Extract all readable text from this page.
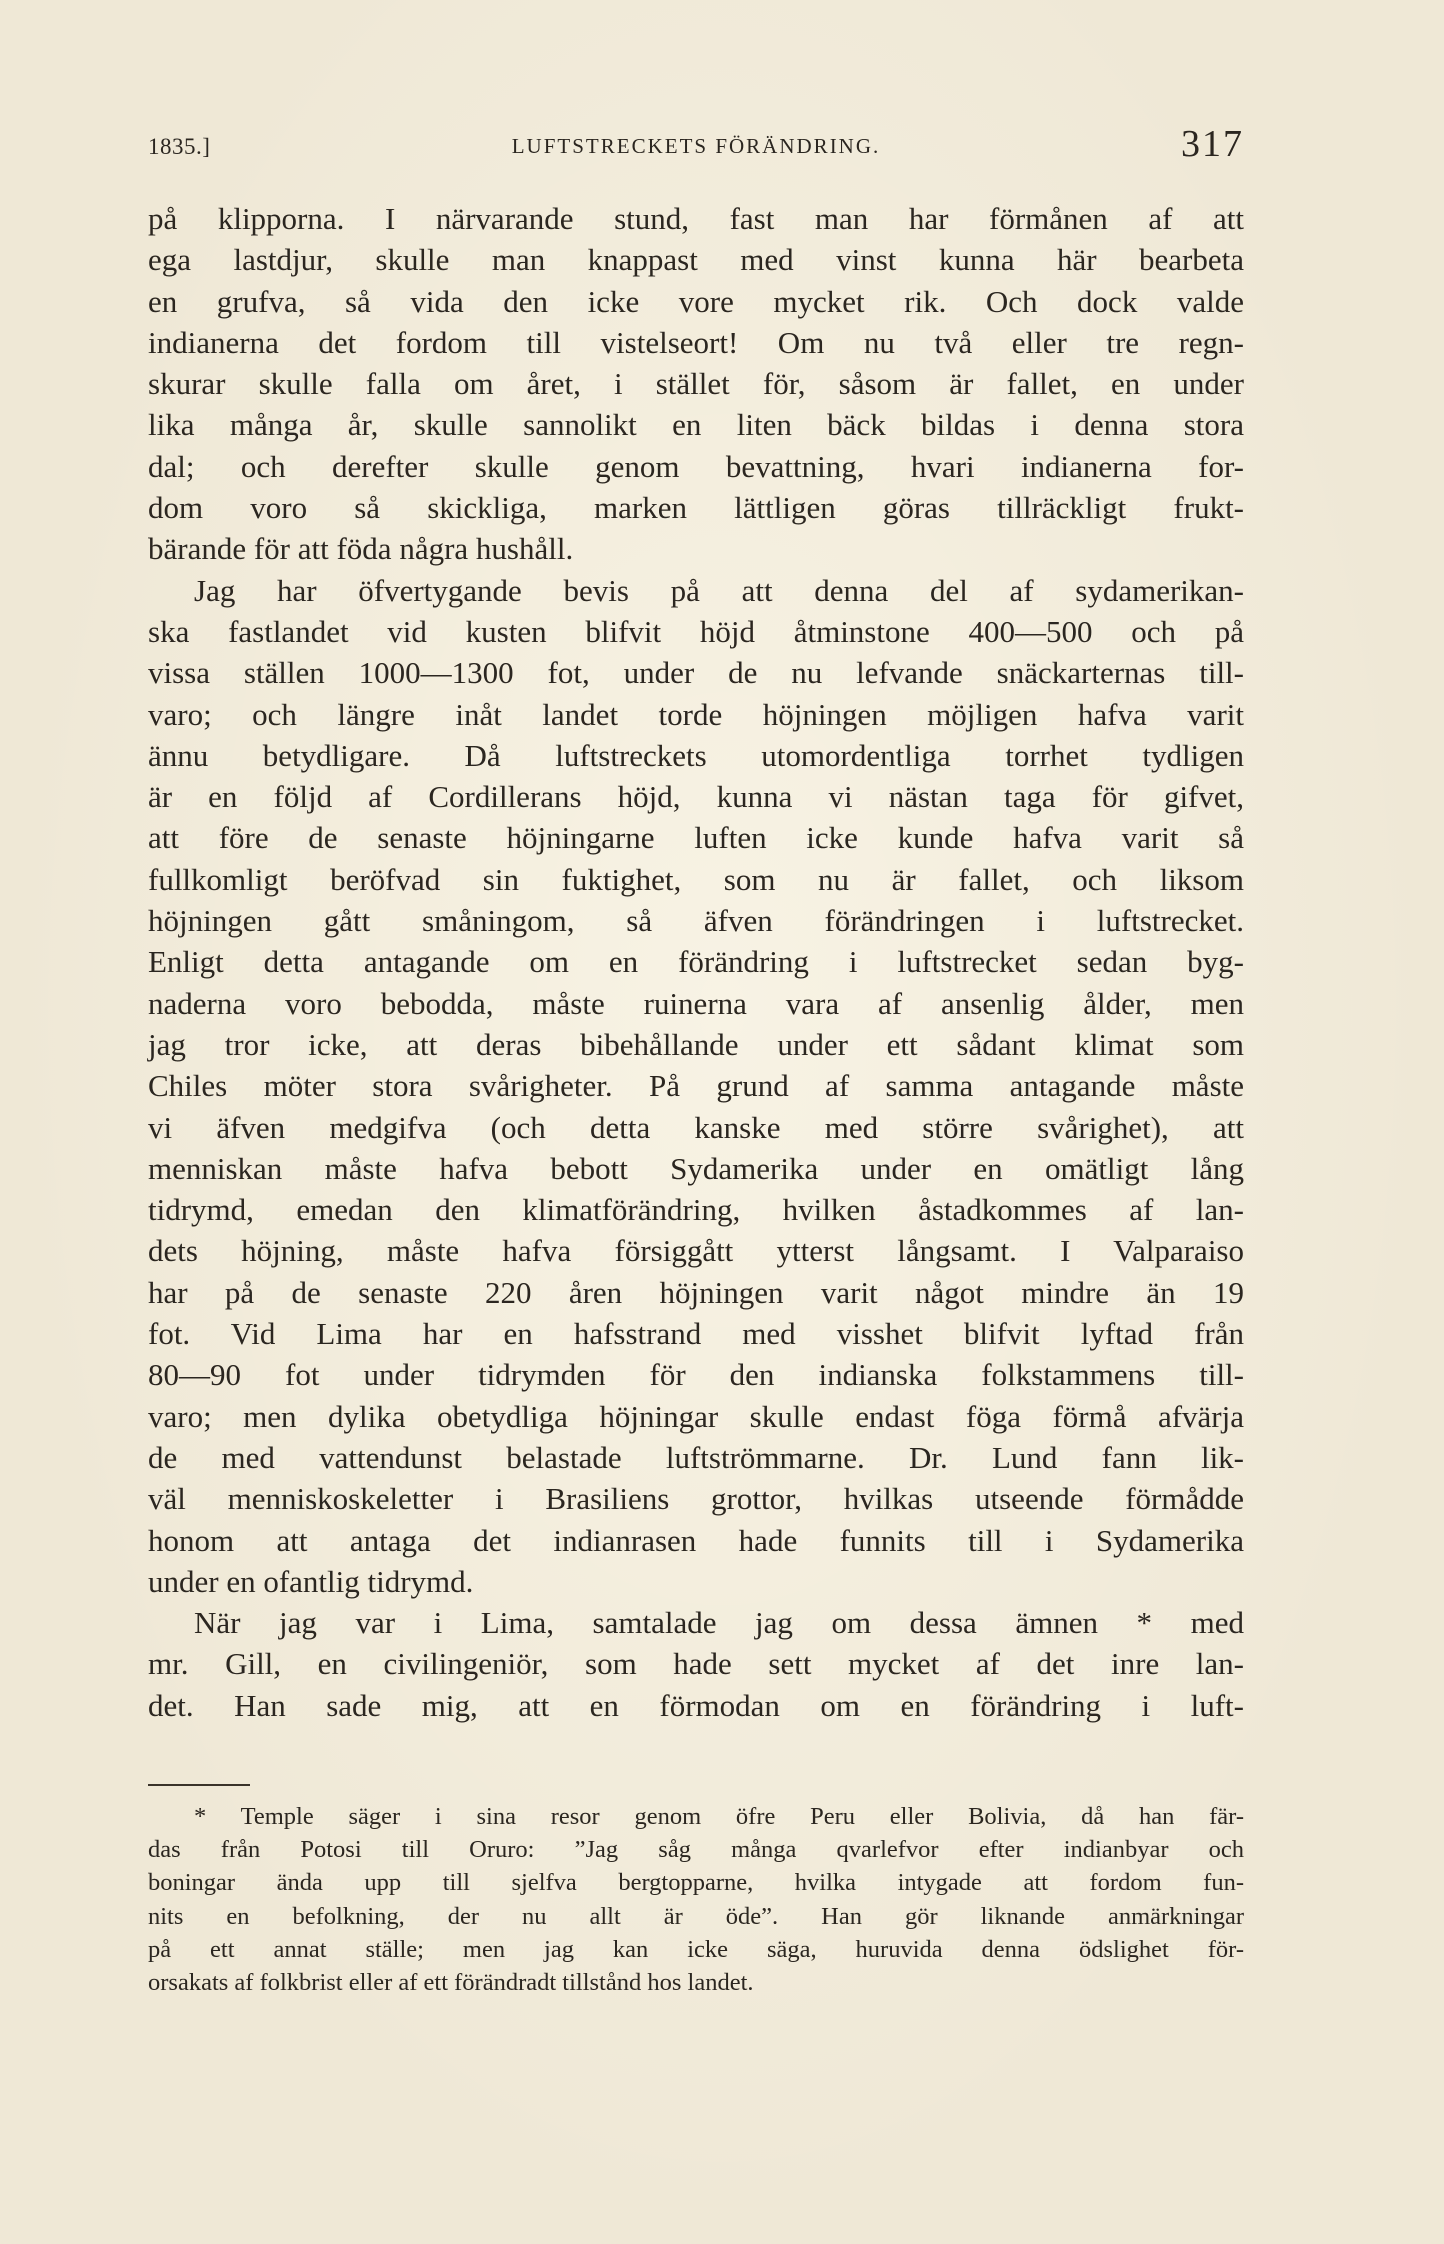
1835.]	LUFTSTRECKETS FÖRÄNDRING.	317
på klipporna. I närvarande stund, fast man har förmånen af att
ega lastdjur, skulle man knappast med vinst kunna här bearbeta
en grufva, så vida den icke vore mycket rik. Och dock valde
indianerna det fordom till vistelseort! Om nu två eller tre regn-
skurar skulle falla om året, i stället för, såsom är fallet, en under
lika många år, skulle sannolikt en liten bäck bildas i denna stora
dal; och derefter skulle genom bevattning, hvari indianerna for-
dom voro så skickliga, marken lättligen göras tillräckligt frukt-
bärande för att föda några hushåll.
Jag har öfvertygande bevis på att denna del af sydamerikan-
ska fastlandet vid kusten blifvit höjd åtminstone 400—500 och på
vissa ställen 1000—1300 fot, under de nu lefvande snäckarternas till-
varo; och längre inåt landet torde höjningen möjligen hafva varit
ännu betydligare. Då luftstreckets utomordentliga torrhet tydligen
är en följd af Cordillerans höjd, kunna vi nästan taga för gifvet,
att före de senaste höjningarne luften icke kunde hafva varit så
fullkomligt beröfvad sin fuktighet, som nu är fallet, och liksom
höjningen gått småningom, så äfven förändringen i luftstrecket.
Enligt detta antagande om en förändring i luftstrecket sedan byg-
naderna voro bebodda, måste ruinerna vara af ansenlig ålder, men
jag tror icke, att deras bibehållande under ett sådant klimat som
Chiles möter stora svårigheter. På grund af samma antagande måste
vi äfven medgifva (och detta kanske med större svårighet), att
menniskan måste hafva bebott Sydamerika under en omätligt lång
tidrymd, emedan den klimatförändring, hvilken åstadkommes af lan-
dets höjning, måste hafva försiggått ytterst långsamt. I Valparaiso
har på de senaste 220 åren höjningen varit något mindre än 19
fot. Vid Lima har en hafsstrand med visshet blifvit lyftad från
80—90 fot under tidrymden för den indianska folkstammens till-
varo; men dylika obetydliga höjningar skulle endast föga förmå afvärja
de med vattendunst belastade luftströmmarne. Dr. Lund fann lik-
väl menniskoskeletter i Brasiliens grottor, hvilkas utseende förmådde
honom att antaga det indianrasen hade funnits till i Sydamerika
under en ofantlig tidrymd.
När jag var i Lima, samtalade jag om dessa ämnen * med
mr. Gill, en civilingeniör, som hade sett mycket af det inre lan-
det. Han sade mig, att en förmodan om en förändring i luft-
* Temple säger i sina resor genom öfre Peru eller Bolivia, då han fär-
das från Potosi till Oruro: ”Jag såg många qvarlefvor efter indianbyar och
boningar ända upp till sjelfva bergtopparne, hvilka intygade att fordom fun-
nits en befolkning, der nu allt är öde”. Han gör liknande anmärkningar
på ett annat ställe; men jag kan icke säga, huruvida denna ödslighet för-
orsakats af folkbrist eller af ett förändradt tillstånd hos landet.
